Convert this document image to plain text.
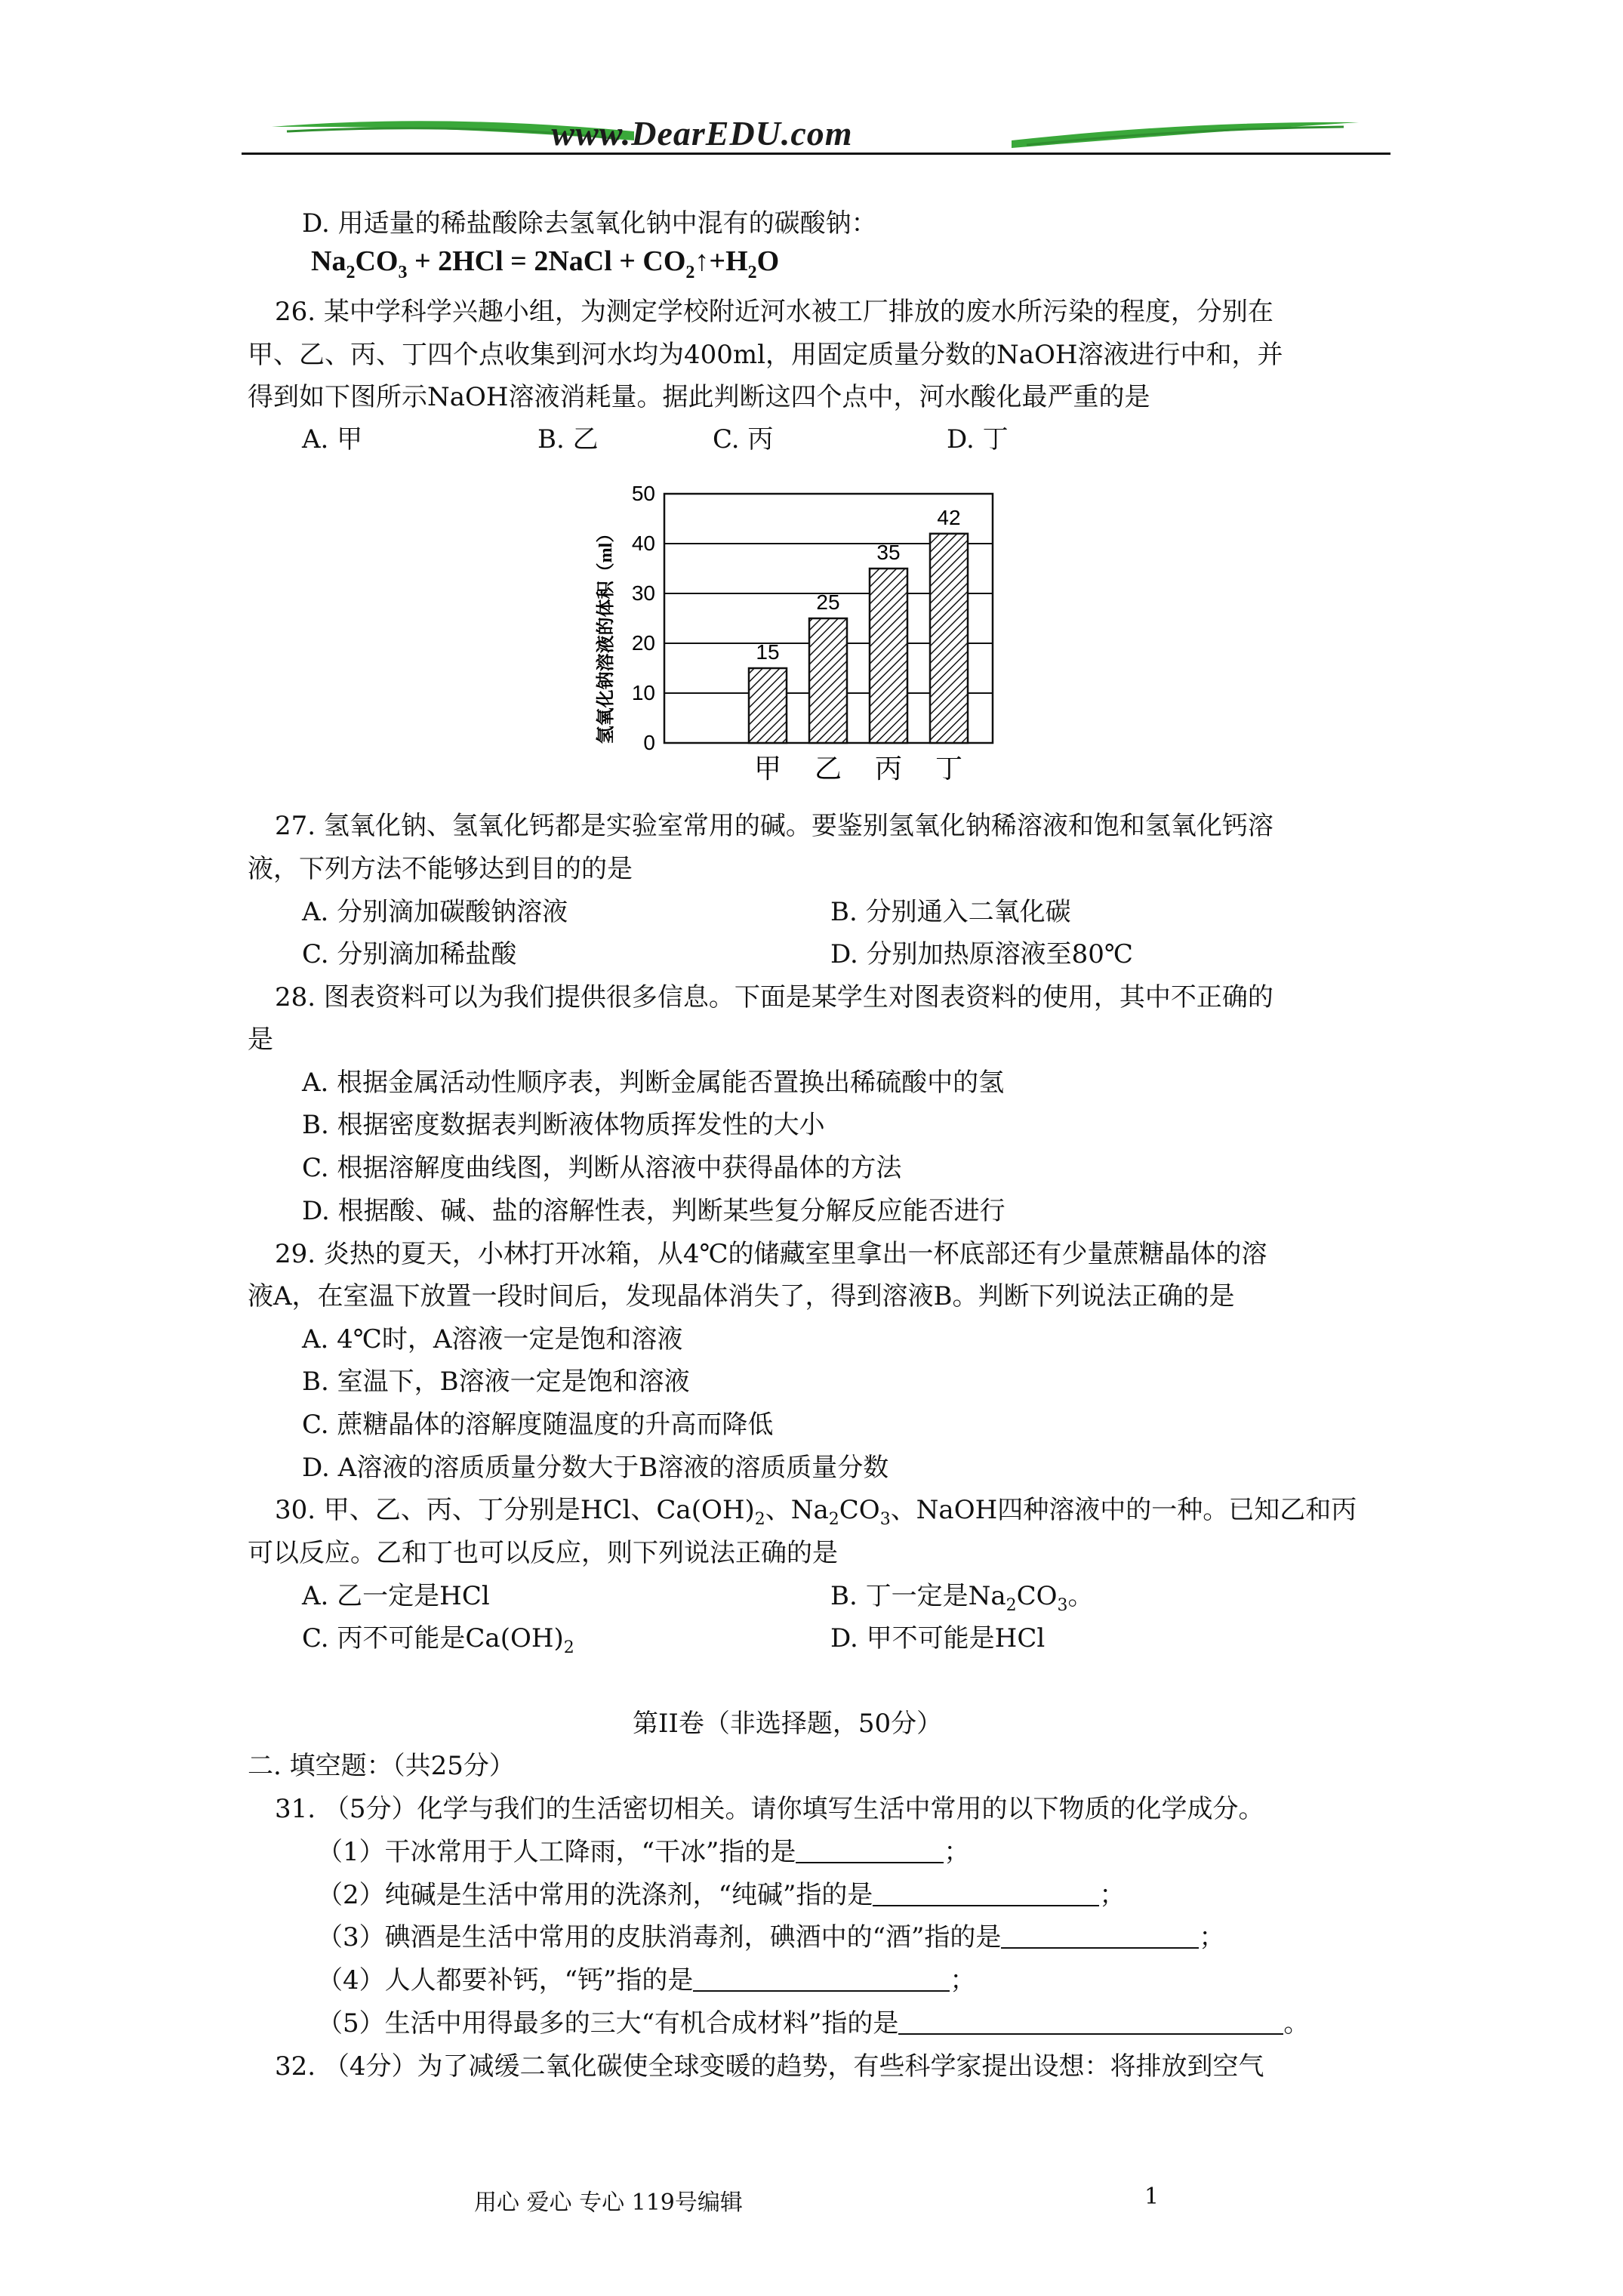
www.DearEDU.com
D. 用适量的稀盐酸除去氢氧化钠中混有的碳酸钠：
$Na_2CO_3 + 2HCl$ = 2NaCl + $CO_2↑+H_2O$
26. 某中学科学兴趣小组，为测定学校附近河水被工厂排放的废水所污染的程度，分别在
甲、乙、丙、丁四个点收集到河水均为400ml，用固定质量分数的NaOH溶液进行中和，并
得到如下图所示NaOH溶液消耗量。据此判断这四个点中，河水酸化最严重的是
A. 甲	B. 乙	C. 丙	D. 丁
0
10
20
30
40
50
15
25
35
42
甲 乙 丙 丁
氢氧化钠溶液的体积（ml）
27. 氢氧化钠、氢氧化钙都是实验室常用的碱。要鉴别氢氧化钠稀溶液和饱和氢氧化钙溶
液，下列方法不能够达到目的的是
A. 分别滴加碳酸钠溶液	B. 分别通入二氧化碳
C. 分别滴加稀盐酸	D. 分别加热原溶液至80℃
28. 图表资料可以为我们提供很多信息。下面是某学生对图表资料的使用，其中不正确的
是
A. 根据金属活动性顺序表，判断金属能否置换出稀硫酸中的氢
B. 根据密度数据表判断液体物质挥发性的大小
C. 根据溶解度曲线图，判断从溶液中获得晶体的方法
D. 根据酸、碱、盐的溶解性表，判断某些复分解反应能否进行
29. 炎热的夏天，小林打开冰箱，从4℃的储藏室里拿出一杯底部还有少量蔗糖晶体的溶
液A，在室温下放置一段时间后，发现晶体消失了，得到溶液B。判断下列说法正确的是
A. 4℃时，A溶液一定是饱和溶液
B. 室温下，B溶液一定是饱和溶液
C. 蔗糖晶体的溶解度随温度的升高而降低
D. A溶液的溶质质量分数大于B溶液的溶质质量分数
30. 甲、乙、丙、丁分别是HCl、$Ca(OH)_2$、$Na_2CO_3$、NaOH四种溶液中的一种。已知乙和丙
可以反应。乙和丁也可以反应，则下列说法正确的是
A. 乙一定是HCl	B. 丁一定是$Na_2CO_3$。
C. 丙不可能是$Ca(OH)_2$	D. 甲不可能是HCl
第II卷（非选择题，50分）
二. 填空题：（共25分）
31. （5分）化学与我们的生活密切相关。请你填写生活中常用的以下物质的化学成分。
（1）干冰常用于人工降雨，“干冰”指的是	；
（2）纯碱是生活中常用的洗涤剂，“纯碱”指的是	；
（3）碘酒是生活中常用的皮肤消毒剂，碘酒中的“酒”指的是	；
（4）人人都要补钙，“钙”指的是	；
（5）生活中用得最多的三大“有机合成材料”指的是	。
32. （4分）为了减缓二氧化碳使全球变暖的趋势，有些科学家提出设想：将排放到空气
用心 爱心 专心 119号编辑	1
